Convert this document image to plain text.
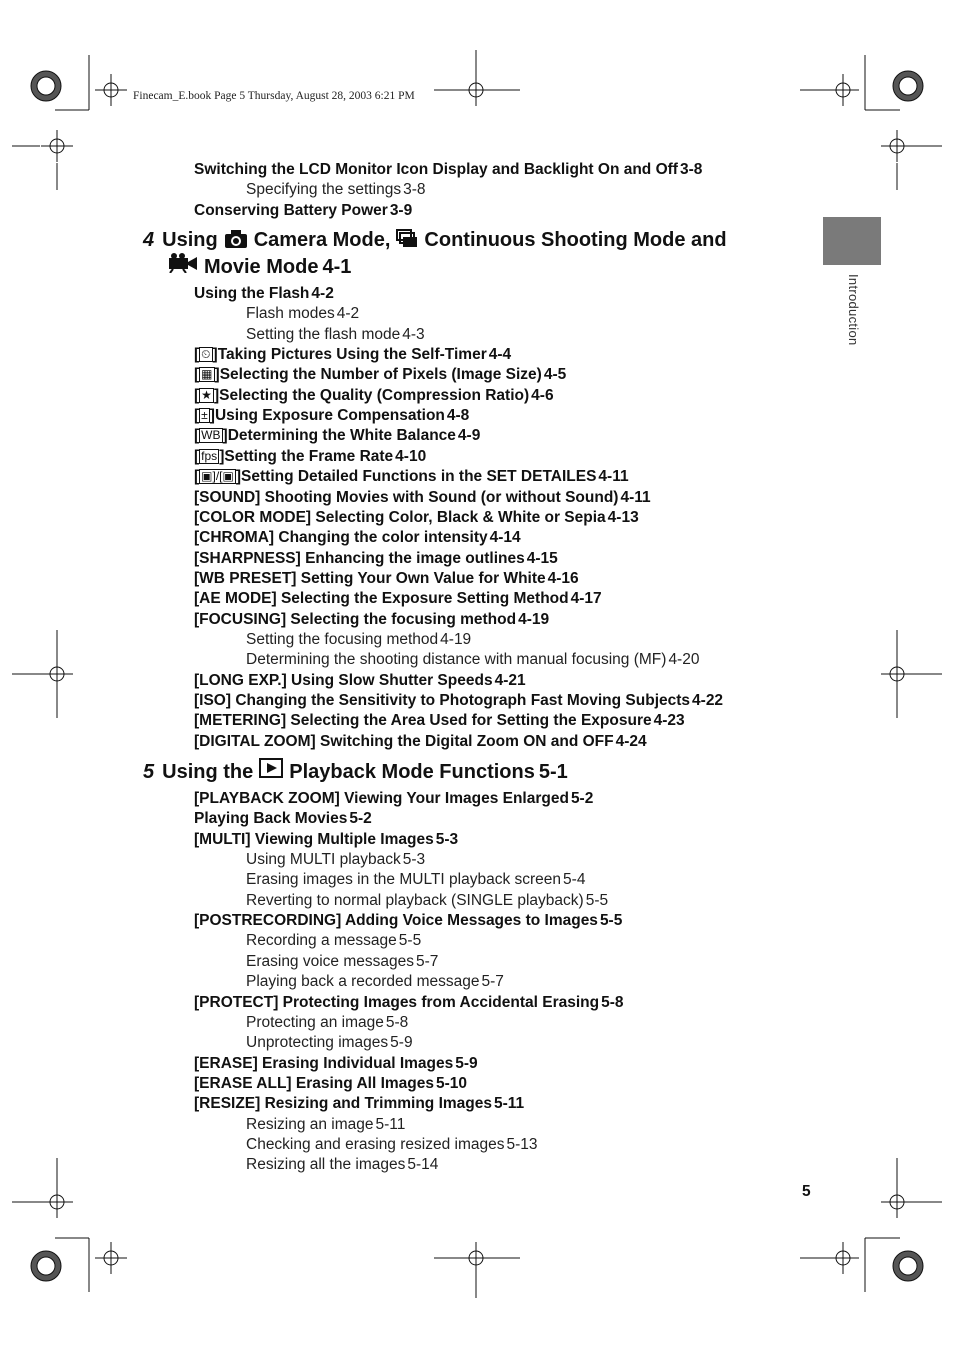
Finecam_E.book Page 5 Thursday, August 28, 2003 6:21 PM
Introduction
Switching the LCD Monitor Icon Display and Backlight On and Off 3-8
Specifying the settings 3-8
Conserving Battery Power 3-9
4 Using Camera Mode, Continuous Shooting Mode and
Movie Mode 4-1
Using the Flash 4-2
Flash modes 4-2
Setting the flash mode 4-3
[ ⏲ ] Taking Pictures Using the Self-Timer 4-4
[ ▦ ] Selecting the Number of Pixels (Image Size) 4-5
[ ★ ] Selecting the Quality (Compression Ratio) 4-6
[ ± ] Using Exposure Compensation 4-8
[ WB ] Determining the White Balance 4-9
[ fps ] Setting the Frame Rate 4-10
[ ▣]/[▣ ] Setting Detailed Functions in the SET DETAILES 4-11
[SOUND] Shooting Movies with Sound (or without Sound) 4-11
[COLOR MODE] Selecting Color, Black & White or Sepia 4-13
[CHROMA] Changing the color intensity 4-14
[SHARPNESS] Enhancing the image outlines 4-15
[WB PRESET] Setting Your Own Value for White 4-16
[AE MODE] Selecting the Exposure Setting Method 4-17
[FOCUSING] Selecting the focusing method 4-19
Setting the focusing method 4-19
Determining the shooting distance with manual focusing (MF) 4-20
[LONG EXP.] Using Slow Shutter Speeds 4-21
[ISO] Changing the Sensitivity to Photograph Fast Moving Subjects 4-22
[METERING] Selecting the Area Used for Setting the Exposure 4-23
[DIGITAL ZOOM] Switching the Digital Zoom ON and OFF 4-24
5 Using the Playback Mode Functions 5-1
[PLAYBACK ZOOM] Viewing Your Images Enlarged 5-2
Playing Back Movies 5-2
[MULTI] Viewing Multiple Images 5-3
Using MULTI playback 5-3
Erasing images in the MULTI playback screen 5-4
Reverting to normal playback (SINGLE playback) 5-5
[POSTRECORDING] Adding Voice Messages to Images 5-5
Recording a message 5-5
Erasing voice messages 5-7
Playing back a recorded message 5-7
[PROTECT] Protecting Images from Accidental Erasing 5-8
Protecting an image 5-8
Unprotecting images 5-9
[ERASE] Erasing Individual Images 5-9
[ERASE ALL] Erasing All Images 5-10
[RESIZE] Resizing and Trimming Images 5-11
Resizing an image 5-11
Checking and erasing resized images 5-13
Resizing all the images 5-14
5
